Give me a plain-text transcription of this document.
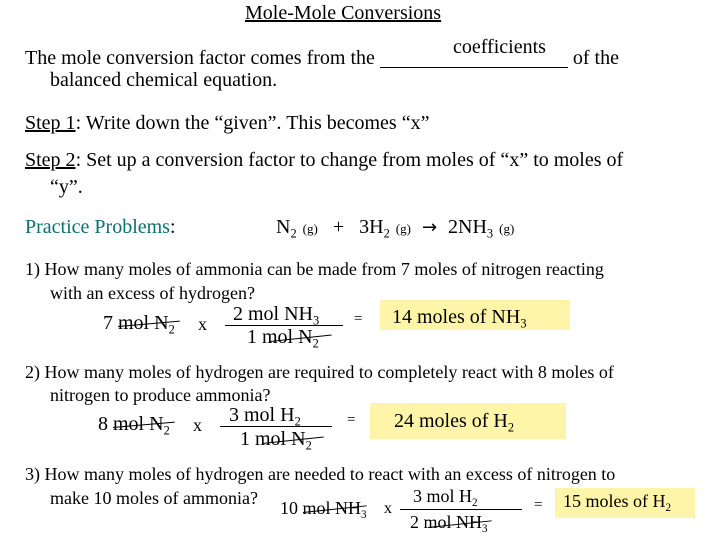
Mole-Mole Conversions
The mole conversion factor comes from the	of the
coefficients
balanced chemical equation.
Step 1: Write down the “given”. This becomes “x”
Step 2: Set up a conversion factor to change from moles of “x” to moles of
“y”.
Practice Problems:	$N_2$ $(g) + 3H_2$ $(g) \to 2NH_3$ (g)
1) How many moles of ammonia can be made from 7 moles of nitrogen reacting
with an excess of hydrogen?
7 mol $N_2$ x 2 mol $NH_3$
1 mol $N_2$
= 14 moles of $NH_3$
2) How many moles of hydrogen are required to completely react with 8 moles of
nitrogen to produce ammonia?
8 mol $N_2$ x 3 mol $H_2$
1 mol $N_2$
= 24 moles of $H_2$
3) How many moles of hydrogen are needed to react with an excess of nitrogen to
make 10 moles of ammonia? 10 mol $NH_3$ x
3 mol $H_2$
2 mol $NH_3$
= 15 moles of $H_2$
